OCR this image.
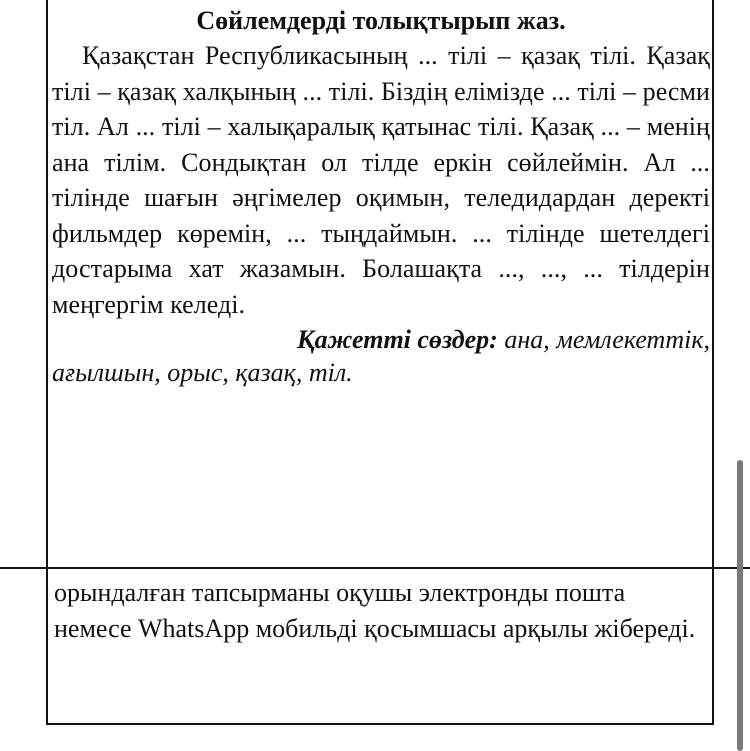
Сөйлемдерді толықтырып жаз.

Қазақстан Республикасының ... тілі – қазақ тілі. Қазақ тілі – қазақ халқының ... тілі. Біздің елімізде ... тілі – ресми тіл. Ал ... тілі – халықаралық қатынас тілі. Қазақ ... – менің ана тілім. Сондықтан ол тілде еркін сөйлеймін. Ал ... тілінде шағын әңгімелер оқимын, теледидардан деректі фильмдер көремін, ... тыңдаймын. ... тілінде шетелдегі достарыма хат жазамын. Болашақта ..., ..., ... тілдерін меңгергім келеді.

Қажетті сөздер: ана, мемлекеттік,

ағылшын, орыс, қазақ, тіл.

орындалған тапсырманы оқушы электронды пошта немесе WhatsApp мобильді қосымшасы арқылы жібереді.
